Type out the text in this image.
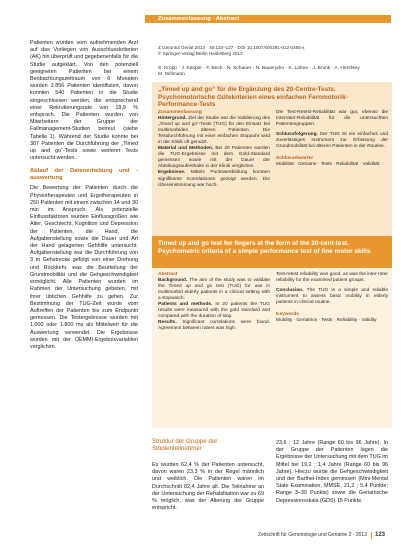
Patienten wurden vom aufnehmenden Arzt auf das Vorliegen von Ausschlusskriterien (AK) hin überprüft und gegebenenfalls für die Studie aufgeklärt. Von den potenziell geeigneten Patienten bei einem Beobachtungszeitraum von 6 Monaten wurden 2.856 Patienten identifiziert, davon konnten 540 Patienten in die Studie eingeschlossen werden, die entsprechend einer Rekrutierungsrate von 18,9 % entsprach. Die Patienten wurden von Mitarbeitern der Gruppe der Fallmanagement-Studien betreut (siehe Tabelle 1). Während der Studie konnte bei 387 Patienten die Durchführung der „Timed up and go“-Tests sowie weiterer Tests untersucht werden.

Ablauf der Datenerhebung und -auswertung

Die Bewertung der Patienten durch die Physiotherapeuten und Ergotherapeuten in 250 Patienten mit einem zwischen 14 und 30 min im Anspruch. Als potenzielle Einflussfaktoren wurden Einflussgrößen wie Alter, Geschlecht, Kognition und Depression der Patienten, die Hand, die Aufgabenstellung sowie die Dauer und Art der Hand gelagerten Gehhilfe untersucht. Aufgabenstellung war die Durchführung von 3 m Gehstrecke gefolgt von einer Drehung und Rückkehr, was die Beurteilung der Grundmobilität und die Gehgeschwindigkeit ermöglicht. Alle Patienten wurden im Rahmen der Untersuchung gebeten, mit ihrer üblichen Gehhilfe zu gehen. Zur Bestimmung der TUG-Zeit wurde vom Auftreffen der Patienten bis zum Endpunkt gemessen. Die Testergebnisse wurden mit 1.000 oder 1.800 ms als Mittelwert für die Auswertung verwendet. Die Ergebnisse wurden mit der DEMMI-Ergebnisvariablen verglichen.

Zusammenfassung · Abstract
Z Gerontol Geriat 2013 · 46:123–127 · DOI 10.1007/s00391-012-0465-x
© Springer-Verlag Berlin Heidelberg 2013
S. Kropp · J. Kasper · F. Beck · N. Schauer · N. Bauerjahn · K. Lahne · J. Brunk · A. Hershley
M. Willmann
„Timed up and go“ für die Ergänzung des 20-Centre-Tests. Psychomotorische Gütekriterien eines einfachen Fernmotorik-Performance-Tests
Zusammenfassung
Hintergrund. Ziel der Studie war die Validierung des „Timed up and go“-Tests (TUG) für den Einsatz bei multimorbiden älteren Patienten. Die Testdurchführung mit einer einfachen Stoppuhr wird in der Klinik oft genutzt.
Material und Methoden. Bei 20 Patienten wurden die TUG-Ergebnisse mit dem Gold-Standard gemessen sowie mit der Dauer der Abteilungsaufenthalte in der Klinik verglichen.
Ergebnisse. Mittels Punktwertbildung konnten signifikante Korrelationen gezeigt werden. Die Übereinstimmung war hoch.
Die Test-Retest-Reliabilität war gut, ebenso die Interrater-Reliabilität für die untersuchten Patientengruppen.
Schlussfolgerung. Der TUG ist ein einfaches und zuverlässiges Instrument zur Erfassung der Grundmobilität bei älteren Patienten in der Routine.
Schlüsselwörter
Mobilität · Geriatrie · Tests · Reliabilität · Validität
Timed up and go test for fingers at the form of the 20-cent-test. Psychometric criteria of a simple performance test of fine motor skills
Abstract
Background. The aim of the study was to validate the Timed up and go test (TUG) for use in multimorbid elderly patients in a clinical setting with a stopwatch.
Patients and methods. In 20 patients the TUG results were measured with the gold standard and compared with the duration of stay.
Results. Significant correlations were found. Agreement between raters was high.
Test-retest reliability was good, as was the inter-rater reliability for the examined patient groups.
Conclusion. The TUG is a simple and reliable instrument to assess basic mobility in elderly patients in clinical routine.
Keywords
Mobility · Geriatrics · Tests · Reliability · Validity
Struktur der Gruppe der Studienteilnehmer
Es wurden 62,4 % der Patienten untersucht, davon waren 23,3 % in der Regel männlich und weiblich. Die Patienten waren im Durchschnitt 82,4 Jahre alt. Die Teilnahme an der Untersuchung der Rehabilitation war zu 69 % möglich, was der Alterung der Gruppe entspricht.
23,6 ; 12 Jahre (Range 60 bis 96 Jahre). In der Gruppe der Patienten lagen die Ergebnisse der Untersuchung mit dem TUG im Mittel bei 19,2 ; 1,4 Jahre (Range 60 bis 96 Jahre). Hierzu wurde die Gehgeschwindigkeit und der Barthel-Index gemessen (Mini-Mental State Examination, MMSE, 21,2 ; 5,4 Punkte; Range 3–30 Punkte) sowie die Geriatrische Depressionsskala (GDS) 15 Punkte.
Zeitschrift für Gerontologie und Geriatrie 2 · 2013 123
